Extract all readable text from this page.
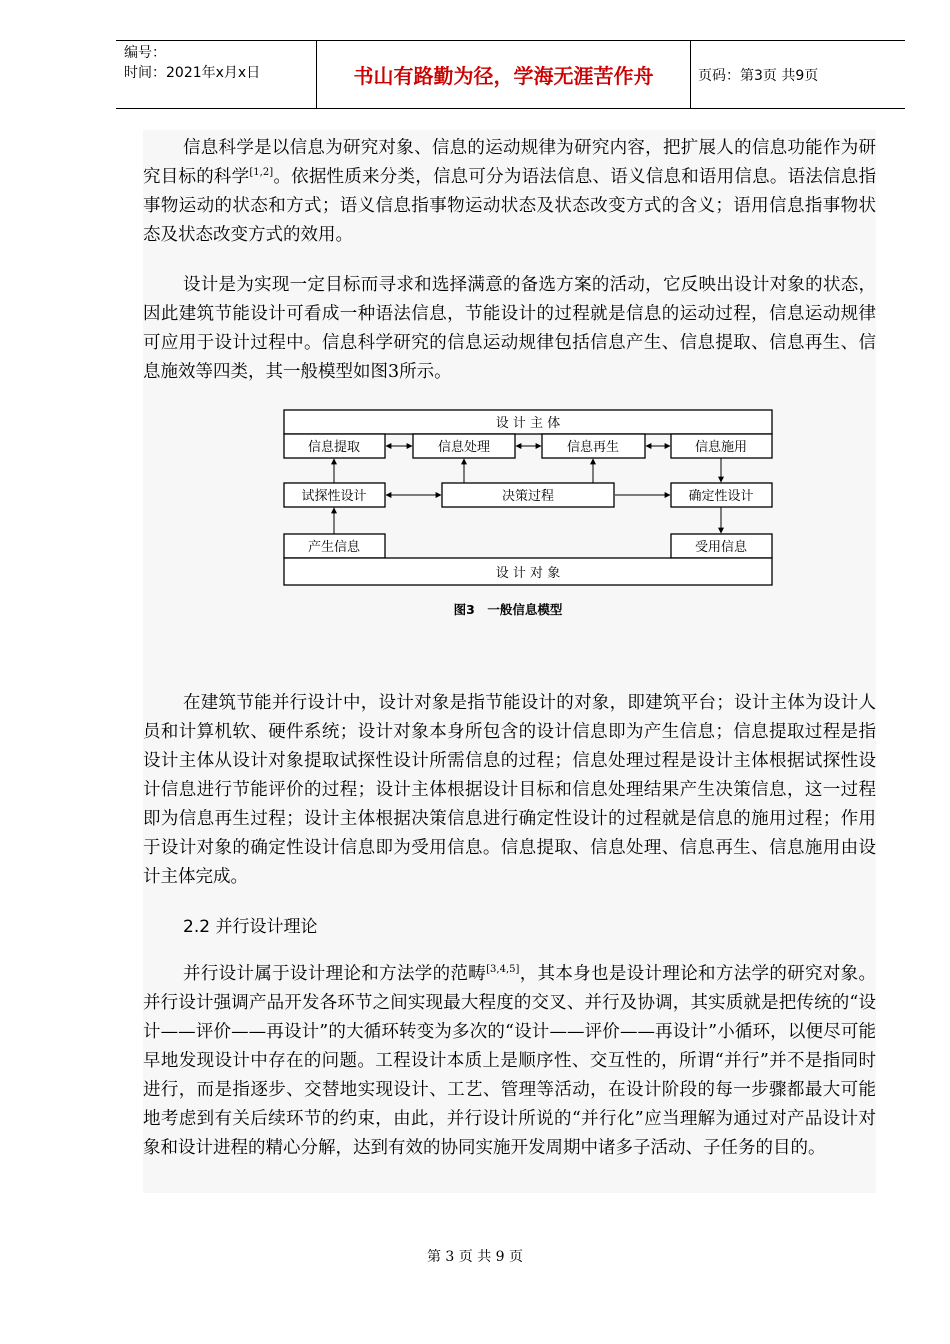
编号：
时间：2021年x月x日	书山有路勤为径，学海无涯苦作舟	页码：第3页 共9页

信息科学是以信息为研究对象、信息的运动规律为研究内容，把扩展人的信息功能作为研究目标的科学[1,2]。依据性质来分类，信息可分为语法信息、语义信息和语用信息。语法信息指事物运动的状态和方式；语义信息指事物运动状态及状态改变方式的含义；语用信息指事物状态及状态改变方式的效用。

设计是为实现一定目标而寻求和选择满意的备选方案的活动，它反映出设计对象的状态，因此建筑节能设计可看成一种语法信息，节能设计的过程就是信息的运动过程，信息运动规律可应用于设计过程中。信息科学研究的信息运动规律包括信息产生、信息提取、信息再生、信息施效等四类，其一般模型如图3所示。

设 计 主 体
信息提取	信息处理	信息再生	信息施用
试探性设计	决策过程	确定性设计
产生信息	受用信息
设 计 对 象
图3　一般信息模型

在建筑节能并行设计中，设计对象是指节能设计的对象，即建筑平台；设计主体为设计人员和计算机软、硬件系统；设计对象本身所包含的设计信息即为产生信息；信息提取过程是指设计主体从设计对象提取试探性设计所需信息的过程；信息处理过程是设计主体根据试探性设计信息进行节能评价的过程；设计主体根据设计目标和信息处理结果产生决策信息，这一过程即为信息再生过程；设计主体根据决策信息进行确定性设计的过程就是信息的施用过程；作用于设计对象的确定性设计信息即为受用信息。信息提取、信息处理、信息再生、信息施用由设计主体完成。

2.2 并行设计理论

并行设计属于设计理论和方法学的范畴[3,4,5]，其本身也是设计理论和方法学的研究对象。并行设计强调产品开发各环节之间实现最大程度的交叉、并行及协调，其实质就是把传统的“设计——评价——再设计”的大循环转变为多次的“设计——评价——再设计”小循环，以便尽可能早地发现设计中存在的问题。工程设计本质上是顺序性、交互性的，所谓“并行”并不是指同时进行，而是指逐步、交替地实现设计、工艺、管理等活动，在设计阶段的每一步骤都最大可能地考虑到有关后续环节的约束，由此，并行设计所说的“并行化”应当理解为通过对产品设计对象和设计进程的精心分解，达到有效的协同实施开发周期中诸多子活动、子任务的目的。

第 3 页 共 9 页
